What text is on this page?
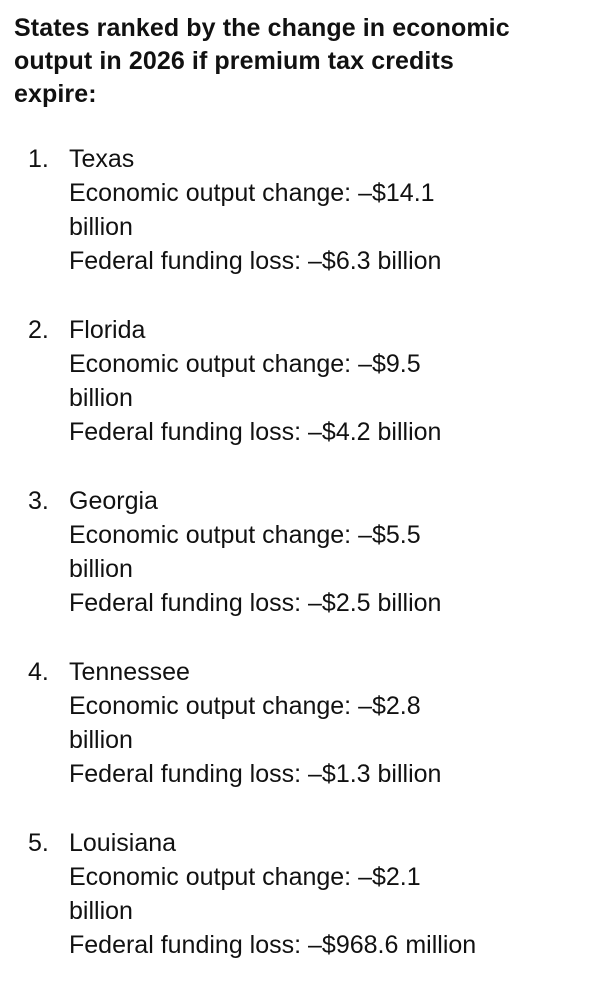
States ranked by the change in economic output in 2026 if premium tax credits expire:
1. Texas
Economic output change: –$14.1 billion
Federal funding loss: –$6.3 billion
2. Florida
Economic output change: –$9.5 billion
Federal funding loss: –$4.2 billion
3. Georgia
Economic output change: –$5.5 billion
Federal funding loss: –$2.5 billion
4. Tennessee
Economic output change: –$2.8 billion
Federal funding loss: –$1.3 billion
5. Louisiana
Economic output change: –$2.1 billion
Federal funding loss: –$968.6 million
